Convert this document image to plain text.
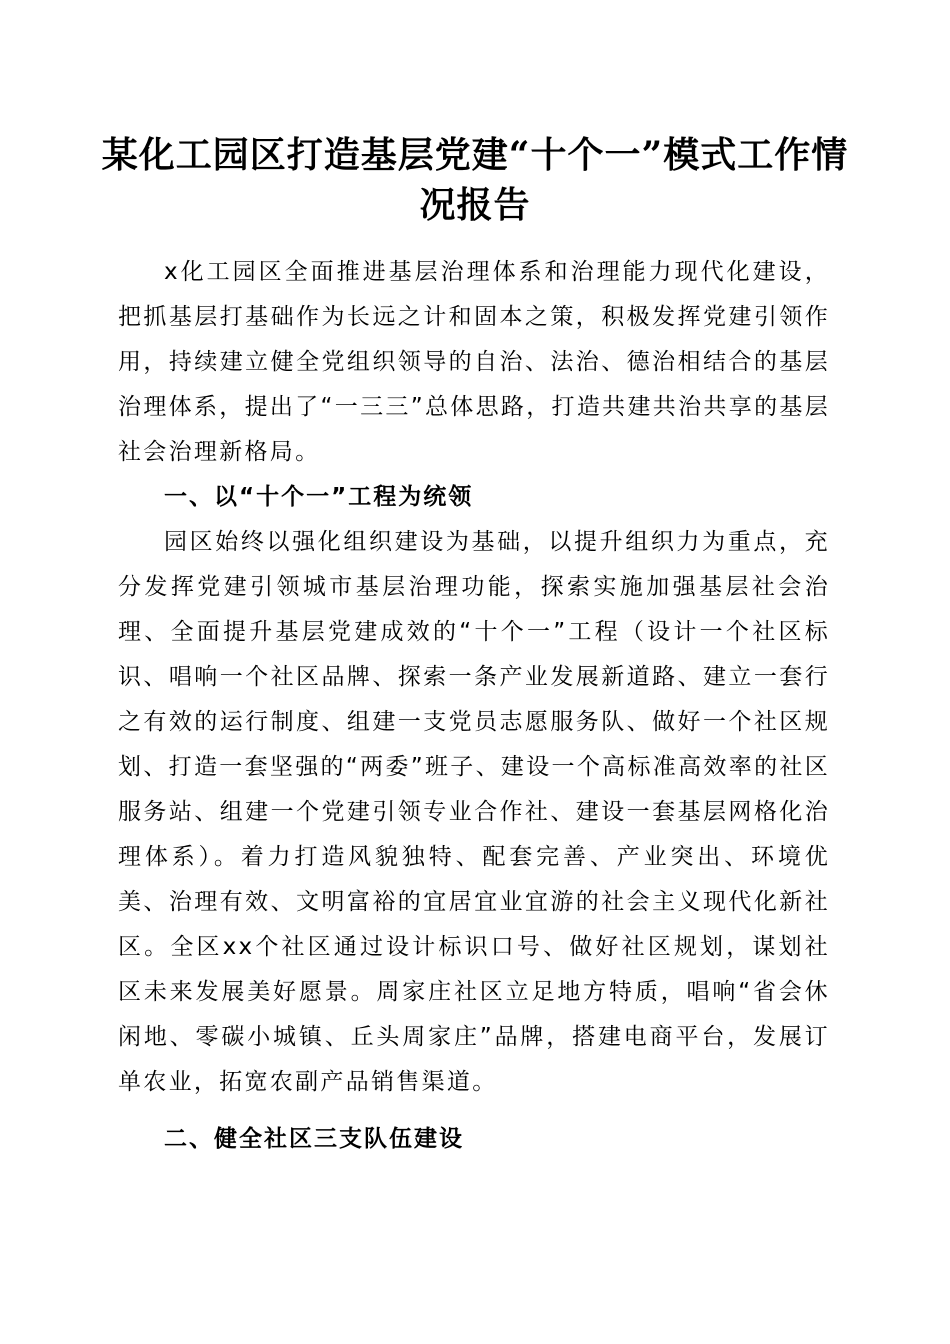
某化工园区打造基层党建“十个一”模式工作情况报告

x化工园区全面推进基层治理体系和治理能力现代化建设，把抓基层打基础作为长远之计和固本之策，积极发挥党建引领作用，持续建立健全党组织领导的自治、法治、德治相结合的基层治理体系，提出了“一三三”总体思路，打造共建共治共享的基层社会治理新格局。

一、以“十个一”工程为统领

园区始终以强化组织建设为基础，以提升组织力为重点，充分发挥党建引领城市基层治理功能，探索实施加强基层社会治理、全面提升基层党建成效的“十个一”工程（设计一个社区标识、唱响一个社区品牌、探索一条产业发展新道路、建立一套行之有效的运行制度、组建一支党员志愿服务队、做好一个社区规划、打造一套坚强的“两委”班子、建设一个高标准高效率的社区服务站、组建一个党建引领专业合作社、建设一套基层网格化治理体系）。着力打造风貌独特、配套完善、产业突出、环境优美、治理有效、文明富裕的宜居宜业宜游的社会主义现代化新社区。全区xx个社区通过设计标识口号、做好社区规划，谋划社区未来发展美好愿景。周家庄社区立足地方特质，唱响“省会休闲地、零碳小城镇、丘头周家庄”品牌，搭建电商平台，发展订单农业，拓宽农副产品销售渠道。

二、健全社区三支队伍建设
